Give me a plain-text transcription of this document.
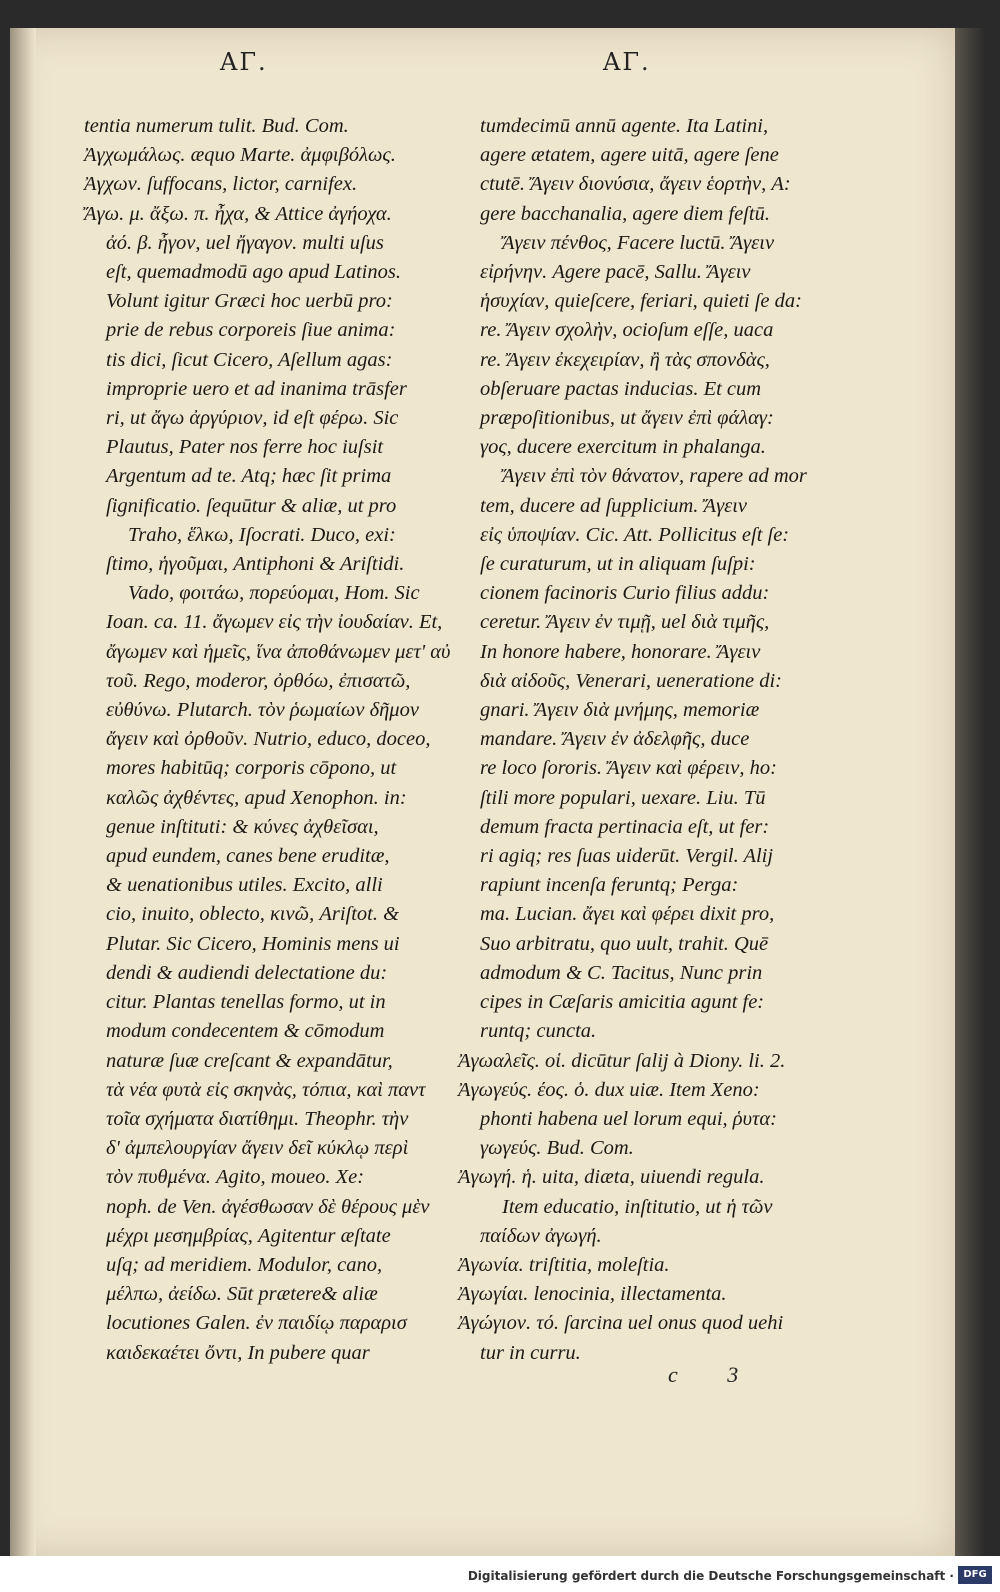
ΑΓ.	ΑΓ.
tentia numerum tulit. Bud. Com.
Ἀγχωμάλως. æquo Marte. ἀμφιβόλως.
Ἀγχων. ſuffocans, lictor, carnifex.
Ἄγω. μ. ἄξω. π. ἦχα, & Attice ἀγήοχα.
ἀό. β. ἦγον, uel ἤγαγον. multi uſus
eſt, quemadmodū ago apud Latinos.
Volunt igitur Græci hoc uerbū pro:
prie de rebus corporeis ſiue anima:
tis dici, ſicut Cicero, Aſellum agas:
improprie uero et ad inanima trāsfer
ri, ut ἄγω ἀργύριον, id eſt φέρω. Sic
Plautus, Pater nos ferre hoc iuſsit
Argentum ad te. Atq; hæc ſit prima
ſignificatio. ſequūtur & aliæ, ut pro
Traho, ἕλκω, Iſocrati. Duco, exi:
ſtimo, ἡγοῦμαι, Antiphoni & Ariſtidi.
Vado, φοιτάω, πορεύομαι, Hom. Sic
Ioan. ca. 11. ἄγωμεν εἰς τὴν ἰουδαίαν. Et,
ἄγωμεν καὶ ἡμεῖς, ἵνα ἀποθάνωμεν μετ' αὐ
τοῦ. Rego, moderor, ὀρθόω, ἐπισατῶ,
εὐθύνω. Plutarch. τὸν ῥωμαίων δῆμον
ἄγειν καὶ ὀρθοῦν. Nutrio, educo, doceo,
mores habitūq; corporis cōpono, ut
καλῶς ἀχθέντες, apud Xenophon. in:
genue inſtituti: & κύνες ἀχθεῖσαι,
apud eundem, canes bene eruditæ,
& uenationibus utiles. Excito, alli
cio, inuito, oblecto, κινῶ, Ariſtot. &
Plutar. Sic Cicero, Hominis mens ui
dendi & audiendi delectatione du:
citur. Plantas tenellas formo, ut in
modum condecentem & cōmodum
naturæ ſuæ creſcant & expandātur,
τὰ νέα φυτὰ εἰς σκηνὰς, τόπια, καὶ παντ
τοῖα σχήματα διατίθημι. Theophr. τὴν
δ' ἀμπελουργίαν ἄγειν δεῖ κύκλῳ περὶ
τὸν πυθμένα. Agito, moueo. Xe:
noph. de Ven. ἀγέσθωσαν δὲ θέρους μὲν
μέχρι μεσημβρίας, Agitentur æſtate
uſq; ad meridiem. Modulor, cano,
μέλπω, ἀείδω. Sūt prætere& aliæ
locutiones Galen. ἐν παιδίῳ παραρισ
καιδεκαέτει ὄντι, In pubere quar
tumdecimū annū agente. Ita Latini,
agere ætatem, agere uitā, agere ſene
ctutē. Ἄγειν διονύσια, ἄγειν ἑορτὴν, A:
gere bacchanalia, agere diem feſtū.
Ἄγειν πένθος, Facere luctū. Ἄγειν
εἰρήνην. Agere pacē, Sallu. Ἄγειν
ἡσυχίαν, quieſcere, feriari, quieti ſe da:
re. Ἄγειν σχολὴν, ocioſum eſſe, uaca
re. Ἄγειν ἐκεχειρίαν, ἢ τὰς σπονδὰς,
obſeruare pactas inducias. Et cum
præpoſitionibus, ut ἄγειν ἐπὶ φάλαγ:
γος, ducere exercitum in phalanga.
Ἄγειν ἐπὶ τὸν θάνατον, rapere ad mor
tem, ducere ad ſupplicium. Ἄγειν
εἰς ὑποψίαν. Cic. Att. Pollicitus eſt ſe:
ſe curaturum, ut in aliquam ſuſpi:
cionem facinoris Curio filius addu:
ceretur. Ἄγειν ἐν τιμῇ, uel διὰ τιμῆς,
In honore habere, honorare. Ἄγειν
διὰ αἰδοῦς, Venerari, ueneratione di:
gnari. Ἄγειν διὰ μνήμης, memoriæ
mandare. Ἄγειν ἐν ἀδελφῆς, duce
re loco ſororis. Ἄγειν καὶ φέρειν, ho:
ſtili more populari, uexare. Liu. Tū
demum fracta pertinacia eſt, ut fer:
ri agiq; res ſuas uiderūt. Vergil. Alij
rapiunt incenſa feruntq; Perga:
ma. Lucian. ἄγει καὶ φέρει dixit pro,
Suo arbitratu, quo uult, trahit. Quē
admodum & C. Tacitus, Nunc prin
cipes in Cæſaris amicitia agunt fe:
runtq; cuncta.
Ἀγωαλεῖς. οἱ. dicūtur ſalij à Diony. li. 2.
Ἀγωγεύς. έος. ὁ. dux uiæ. Item Xeno:
phonti habena uel lorum equi, ῥυτα:
γωγεύς. Bud. Com.
Ἀγωγή. ἡ. uita, diæta, uiuendi regula.
Item educatio, inſtitutio, ut ἡ τῶν
παίδων ἀγωγή.
Ἀγωνία. triſtitia, moleſtia.
Ἀγωγίαι. lenocinia, illectamenta.
Ἀγώγιον. τό. ſarcina uel onus quod uehi
tur in curru.
c 3
Digitalisierung gefördert durch die Deutsche Forschungsgemeinschaft · DFG
